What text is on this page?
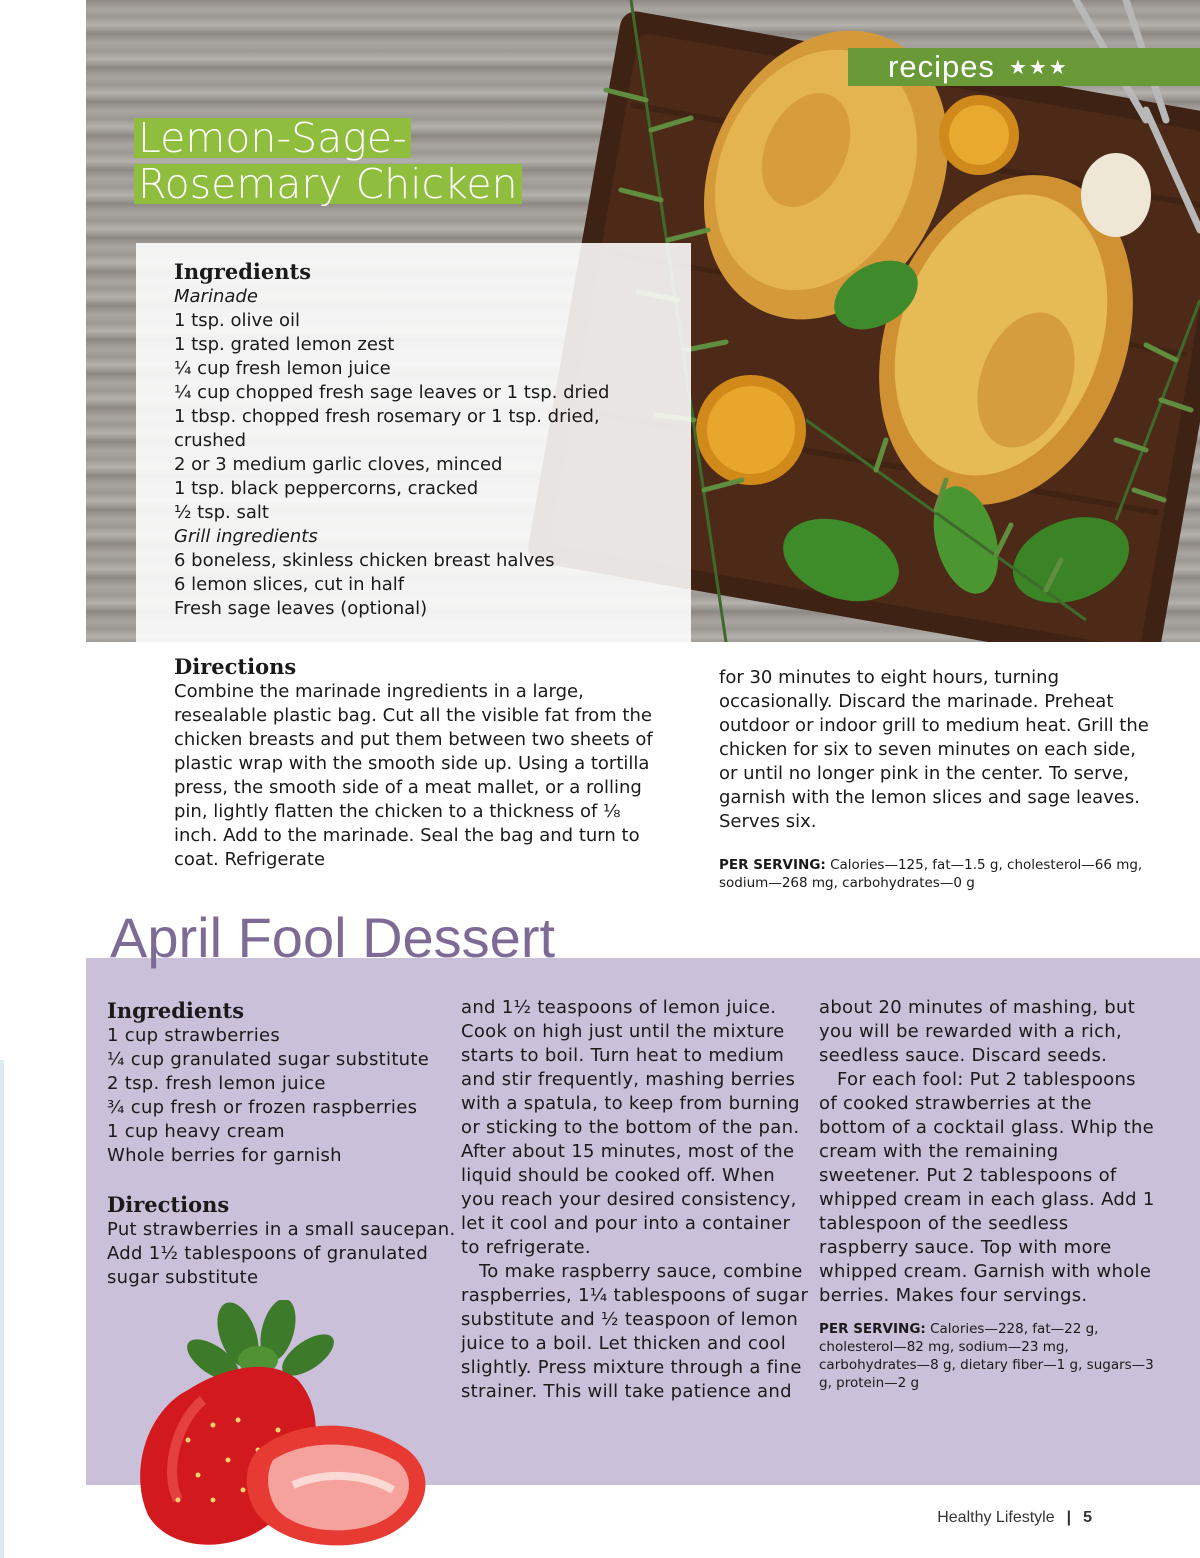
recipes ★★★
Lemon-Sage-
Rosemary Chicken
Ingredients
Marinade
1 tsp. olive oil
1 tsp. grated lemon zest
¼ cup fresh lemon juice
¼ cup chopped fresh sage leaves or 1 tsp. dried
1 tbsp. chopped fresh rosemary or 1 tsp. dried,
crushed
2 or 3 medium garlic cloves, minced
1 tsp. black peppercorns, cracked
½ tsp. salt
Grill ingredients
6 boneless, skinless chicken breast halves
6 lemon slices, cut in half
Fresh sage leaves (optional)
Directions

Combine the marinade ingredients in a large, resealable plastic bag. Cut all the visible fat from the chicken breasts and put them between two sheets of plastic wrap with the smooth side up. Using a tortilla press, the smooth side of a meat mallet, or a rolling pin, lightly flatten the chicken to a thickness of ⅛ inch. Add to the marinade. Seal the bag and turn to coat. Refrigerate

for 30 minutes to eight hours, turning occasionally. Discard the marinade. Preheat outdoor or indoor grill to medium heat. Grill the chicken for six to seven minutes on each side, or until no longer pink in the center. To serve, garnish with the lemon slices and sage leaves. Serves six.

PER SERVING: Calories—125, fat—1.5 g, cholesterol—66 mg, sodium—268 mg, carbohydrates—0 g

April Fool Dessert
Ingredients
1 cup strawberries
¼ cup granulated sugar substitute
2 tsp. fresh lemon juice
¾ cup fresh or frozen raspberries
1 cup heavy cream
Whole berries for garnish
Directions

Put strawberries in a small saucepan. Add 1½ tablespoons of granulated sugar substitute

and 1½ teaspoons of lemon juice. Cook on high just until the mixture starts to boil. Turn heat to medium and stir frequently, mashing berries with a spatula, to keep from burning or sticking to the bottom of the pan. After about 15 minutes, most of the liquid should be cooked off. When you reach your desired consistency, let it cool and pour into a container to refrigerate.

To make raspberry sauce, combine raspberries, 1¼ tablespoons of sugar substitute and ½ teaspoon of lemon juice to a boil. Let thicken and cool slightly. Press mixture through a fine strainer. This will take patience and

about 20 minutes of mashing, but you will be rewarded with a rich, seedless sauce. Discard seeds.

For each fool: Put 2 tablespoons of cooked strawberries at the bottom of a cocktail glass. Whip the cream with the remaining sweetener. Put 2 tablespoons of whipped cream in each glass. Add 1 tablespoon of the seedless raspberry sauce. Top with more whipped cream. Garnish with whole berries. Makes four servings.

PER SERVING: Calories—228, fat—22 g, cholesterol—82 mg, sodium—23 mg, carbohydrates—8 g, dietary fiber—1 g, sugars—3 g, protein—2 g

Healthy Lifestyle | 5
